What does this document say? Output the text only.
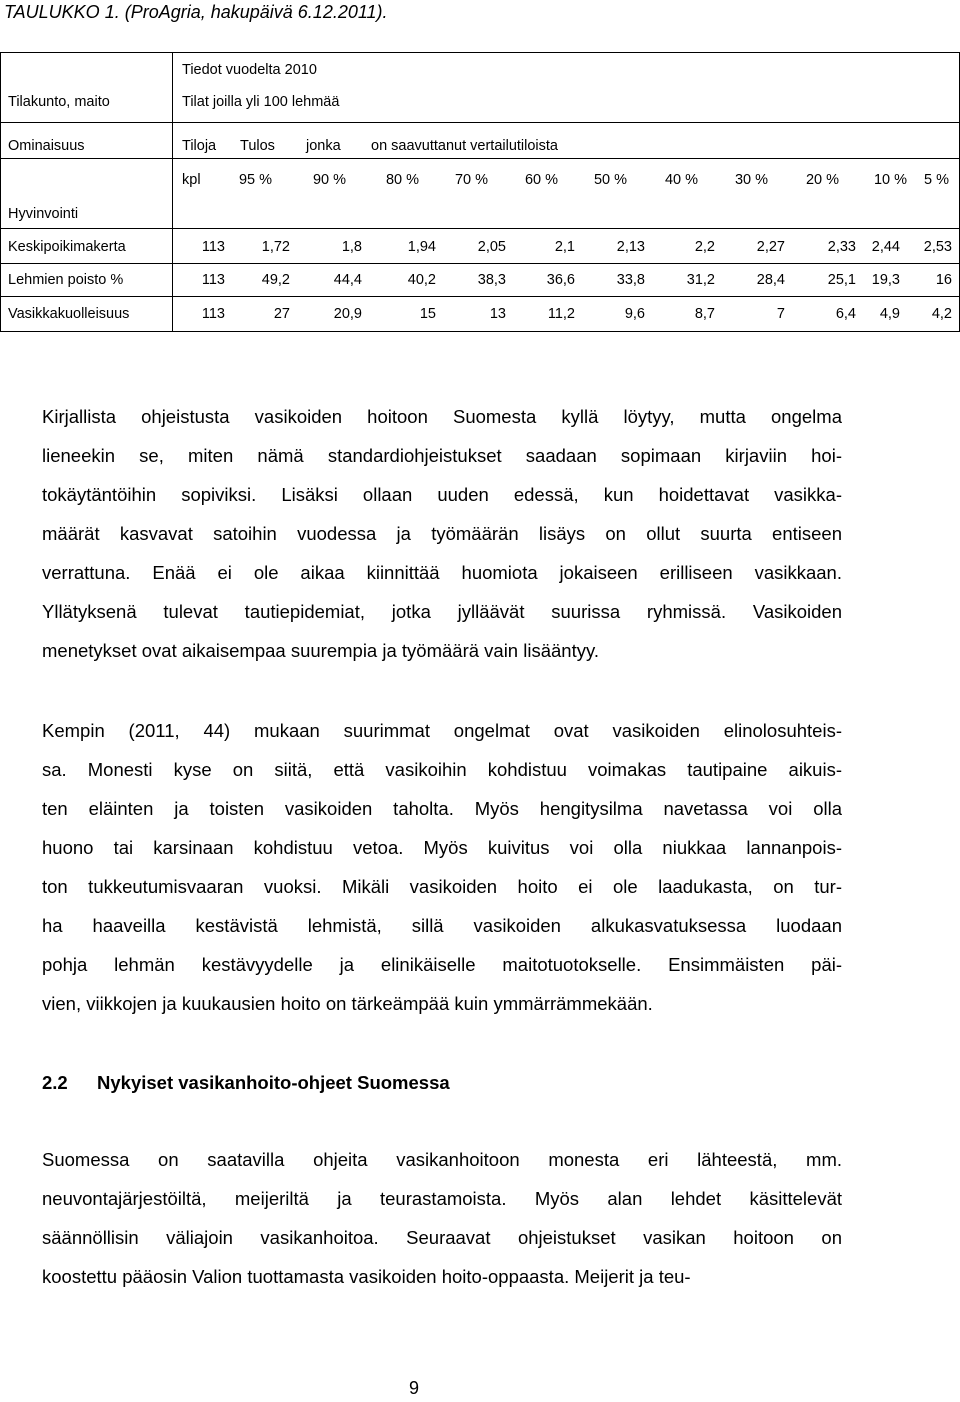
TAULUKKO 1. (ProAgria, hakupäivä 6.12.2011).
Tilakunto, maito
Tiedot vuodelta 2010
Tilat joilla yli 100 lehmää
Ominaisuus	Tiloja Tulos jonka on saavuttanut vertailutiloista
kpl	95 %	90 %	80 % 70 %	60 % 50 %	40 %	30 %	20 % 10 % 5 %
Hyvinvointi
Keskipoikimakerta	113	1,72	1,8	1,94	2,05	2,1	2,13	2,2	2,27	2,33 2,44 2,53
Lehmien poisto %	113	49,2	44,4	40,2	38,3	36,6	33,8	31,2	28,4	25,1 19,3 16
Vasikkakuolleisuus	113	27	20,9	15	13	11,2	9,6	8,7	7	6,4 4,9 4,2
Kirjallista ohjeistusta vasikoiden hoitoon Suomesta kyllä löytyy, mutta ongelma
lieneekin se, miten nämä standardiohjeistukset saadaan sopimaan kirjaviin hoi-
tokäytäntöihin sopiviksi. Lisäksi ollaan uuden edessä, kun hoidettavat vasikka-
määrät kasvavat satoihin vuodessa ja työmäärän lisäys on ollut suurta entiseen
verrattuna. Enää ei ole aikaa kiinnittää huomiota jokaiseen erilliseen vasikkaan.
Yllätyksenä tulevat tautiepidemiat, jotka jylläävät suurissa ryhmissä. Vasikoiden
menetykset ovat aikaisempaa suurempia ja työmäärä vain lisääntyy.
Kempin (2011, 44) mukaan suurimmat ongelmat ovat vasikoiden elinolosuhteis-
sa. Monesti kyse on siitä, että vasikoihin kohdistuu voimakas tautipaine aikuis-
ten eläinten ja toisten vasikoiden taholta. Myös hengitysilma navetassa voi olla
huono tai karsinaan kohdistuu vetoa. Myös kuivitus voi olla niukkaa lannanpois-
ton tukkeutumisvaaran vuoksi. Mikäli vasikoiden hoito ei ole laadukasta, on tur-
ha haaveilla kestävistä lehmistä, sillä vasikoiden alkukasvatuksessa luodaan
pohja lehmän kestävyydelle ja elinikäiselle maitotuotokselle. Ensimmäisten päi-
vien, viikkojen ja kuukausien hoito on tärkeämpää kuin ymmärrämmekään.
2.2 Nykyiset vasikanhoito-ohjeet Suomessa
Suomessa on saatavilla ohjeita vasikanhoitoon monesta eri lähteestä, mm.
neuvontajärjestöiltä, meijeriltä ja teurastamoista. Myös alan lehdet käsittelevät
säännöllisin väliajoin vasikanhoitoa. Seuraavat ohjeistukset vasikan hoitoon on
koostettu pääosin Valion tuottamasta vasikoiden hoito-oppaasta. Meijerit ja teu-
9
